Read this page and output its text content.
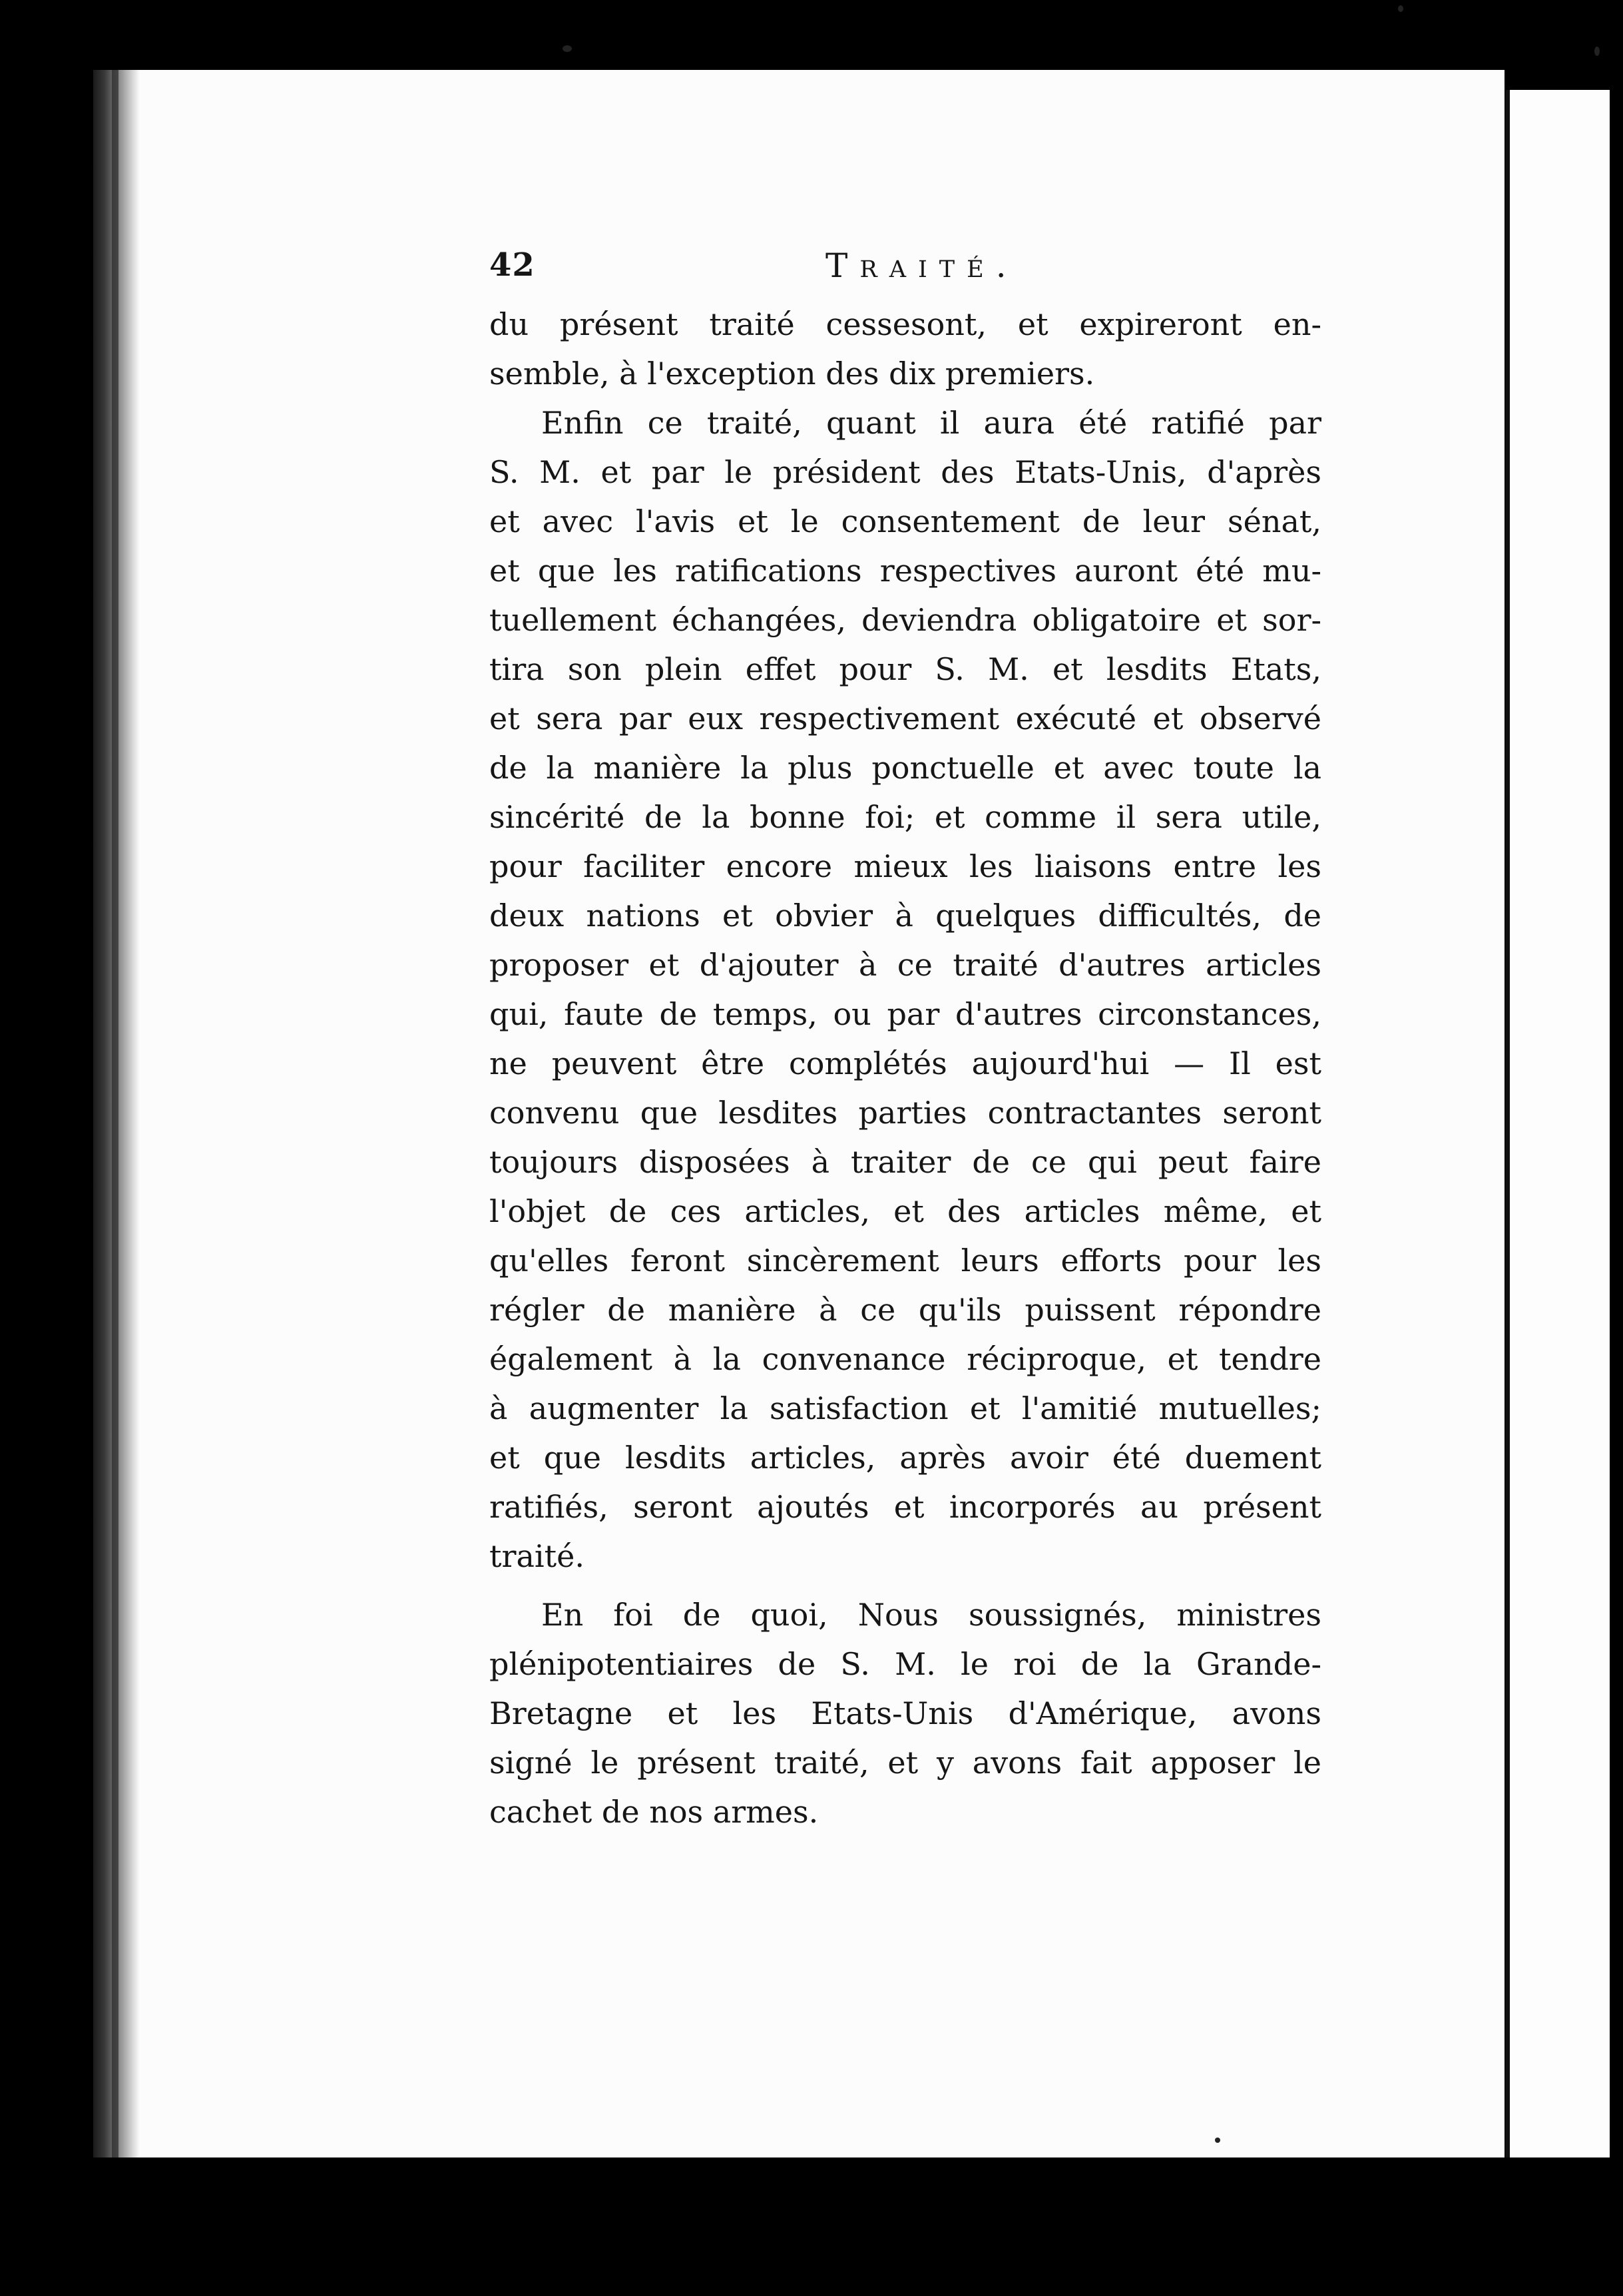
42	Traité.
du présent traité cessesont, et expireront en-
semble, à l'exception des dix premiers.
Enfin ce traité, quant il aura été ratifié par
S. M. et par le président des Etats-Unis, d'après
et avec l'avis et le consentement de leur sénat,
et que les ratifications respectives auront été mu-
tuellement échangées, deviendra obligatoire et sor-
tira son plein effet pour S. M. et lesdits Etats,
et sera par eux respectivement exécuté et observé
de la manière la plus ponctuelle et avec toute la
sincérité de la bonne foi; et comme il sera utile,
pour faciliter encore mieux les liaisons entre les
deux nations et obvier à quelques difficultés, de
proposer et d'ajouter à ce traité d'autres articles
qui, faute de temps, ou par d'autres circonstances,
ne peuvent être complétés aujourd'hui — Il est
convenu que lesdites parties contractantes seront
toujours disposées à traiter de ce qui peut faire
l'objet de ces articles, et des articles même, et
qu'elles feront sincèrement leurs efforts pour les
régler de manière à ce qu'ils puissent répondre
également à la convenance réciproque, et tendre
à augmenter la satisfaction et l'amitié mutuelles;
et que lesdits articles, après avoir été duement
ratifiés, seront ajoutés et incorporés au présent
traité.
En foi de quoi, Nous soussignés, ministres
plénipotentiaires de S. M. le roi de la Grande-
Bretagne et les Etats-Unis d'Amérique, avons
signé le présent traité, et y avons fait apposer le
cachet de nos armes.
